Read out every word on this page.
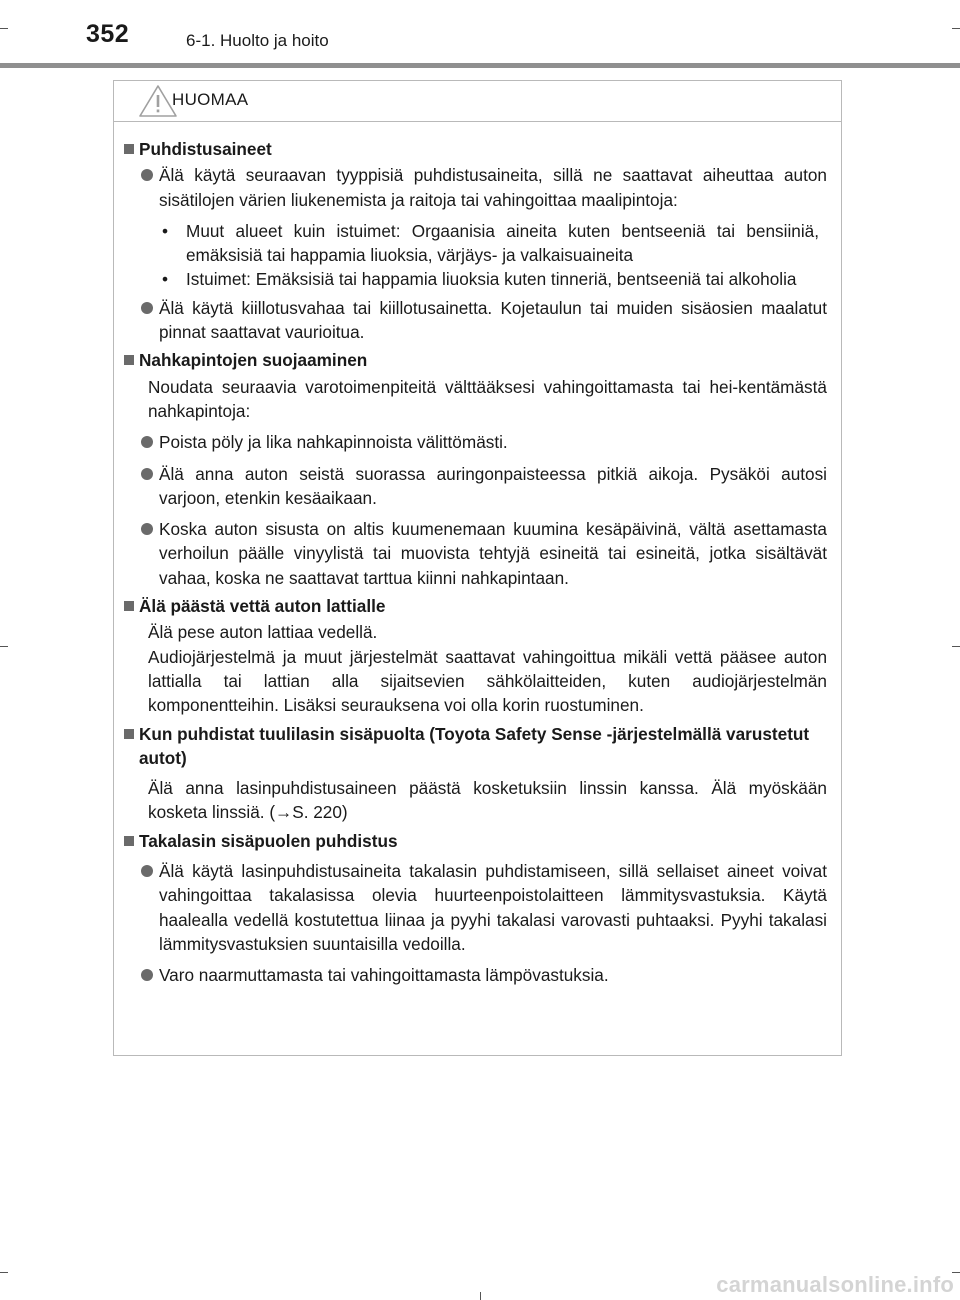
352	6-1. Huolto ja hoito
HUOMAA
Puhdistusaineet
Älä käytä seuraavan tyyppisiä puhdistusaineita, sillä ne saattavat aiheuttaa auton sisätilojen värien liukenemista ja raitoja tai vahingoittaa maalipintoja:
•	Muut alueet kuin istuimet: Orgaanisia aineita kuten bentseeniä tai bensiiniä, emäksisiä tai happamia liuoksia, värjäys- ja valkaisuaineita
•	Istuimet: Emäksisiä tai happamia liuoksia kuten tinneriä, bentseeniä tai alkoholia
Älä käytä kiillotusvahaa tai kiillotusainetta. Kojetaulun tai muiden sisäosien maalatut pinnat saattavat vaurioitua.
Nahkapintojen suojaaminen
Noudata seuraavia varotoimenpiteitä välttääksesi vahingoittamasta tai hei-kentämästä nahkapintoja:
Poista pöly ja lika nahkapinnoista välittömästi.
Älä anna auton seistä suorassa auringonpaisteessa pitkiä aikoja. Pysäköi autosi varjoon, etenkin kesäaikaan.
Koska auton sisusta on altis kuumenemaan kuumina kesäpäivinä, vältä asettamasta verhoilun päälle vinyylistä tai muovista tehtyjä esineitä tai esineitä, jotka sisältävät vahaa, koska ne saattavat tarttua kiinni nahkapintaan.
Älä päästä vettä auton lattialle
Älä pese auton lattiaa vedellä.
Audiojärjestelmä ja muut järjestelmät saattavat vahingoittua mikäli vettä pääsee auton lattialla tai lattian alla sijaitsevien sähkölaitteiden, kuten audiojärjestelmän komponentteihin. Lisäksi seurauksena voi olla korin ruostuminen.
Kun puhdistat tuulilasin sisäpuolta (Toyota Safety Sense -järjestelmällä varustetut autot)
Älä anna lasinpuhdistusaineen päästä kosketuksiin linssin kanssa. Älä myöskään kosketa linssiä. (→S. 220)
Takalasin sisäpuolen puhdistus
Älä käytä lasinpuhdistusaineita takalasin puhdistamiseen, sillä sellaiset aineet voivat vahingoittaa takalasissa olevia huurteenpoistolaitteen lämmitysvastuksia. Käytä haalealla vedellä kostutettua liinaa ja pyyhi takalasi varovasti puhtaaksi. Pyyhi takalasi lämmitysvastuksien suuntaisilla vedoilla.
Varo naarmuttamasta tai vahingoittamasta lämpövastuksia.
carmanualsonline.info
